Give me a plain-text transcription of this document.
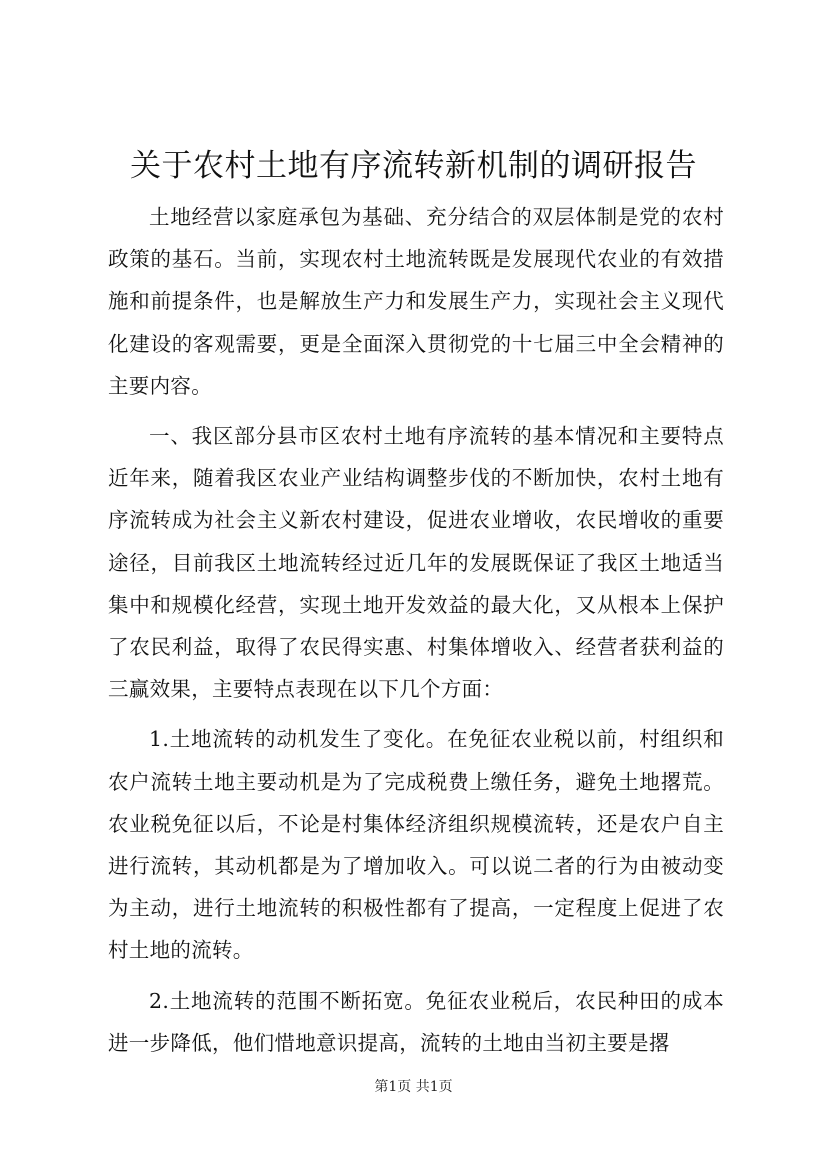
关于农村土地有序流转新机制的调研报告

土地经营以家庭承包为基础、充分结合的双层体制是党的农村政策的基石。当前，实现农村土地流转既是发展现代农业的有效措施和前提条件，也是解放生产力和发展生产力，实现社会主义现代化建设的客观需要，更是全面深入贯彻党的十七届三中全会精神的主要内容。

一、我区部分县市区农村土地有序流转的基本情况和主要特点近年来，随着我区农业产业结构调整步伐的不断加快，农村土地有序流转成为社会主义新农村建设，促进农业增收，农民增收的重要途径，目前我区土地流转经过近几年的发展既保证了我区土地适当集中和规模化经营，实现土地开发效益的最大化，又从根本上保护了农民利益，取得了农民得实惠、村集体增收入、经营者获利益的三赢效果，主要特点表现在以下几个方面：

1.土地流转的动机发生了变化。在免征农业税以前，村组织和农户流转土地主要动机是为了完成税费上缴任务，避免土地撂荒。农业税免征以后，不论是村集体经济组织规模流转，还是农户自主进行流转，其动机都是为了增加收入。可以说二者的行为由被动变为主动，进行土地流转的积极性都有了提高，一定程度上促进了农村土地的流转。

2.土地流转的范围不断拓宽。免征农业税后，农民种田的成本进一步降低，他们惜地意识提高，流转的土地由当初主要是撂

第1页 共1页
